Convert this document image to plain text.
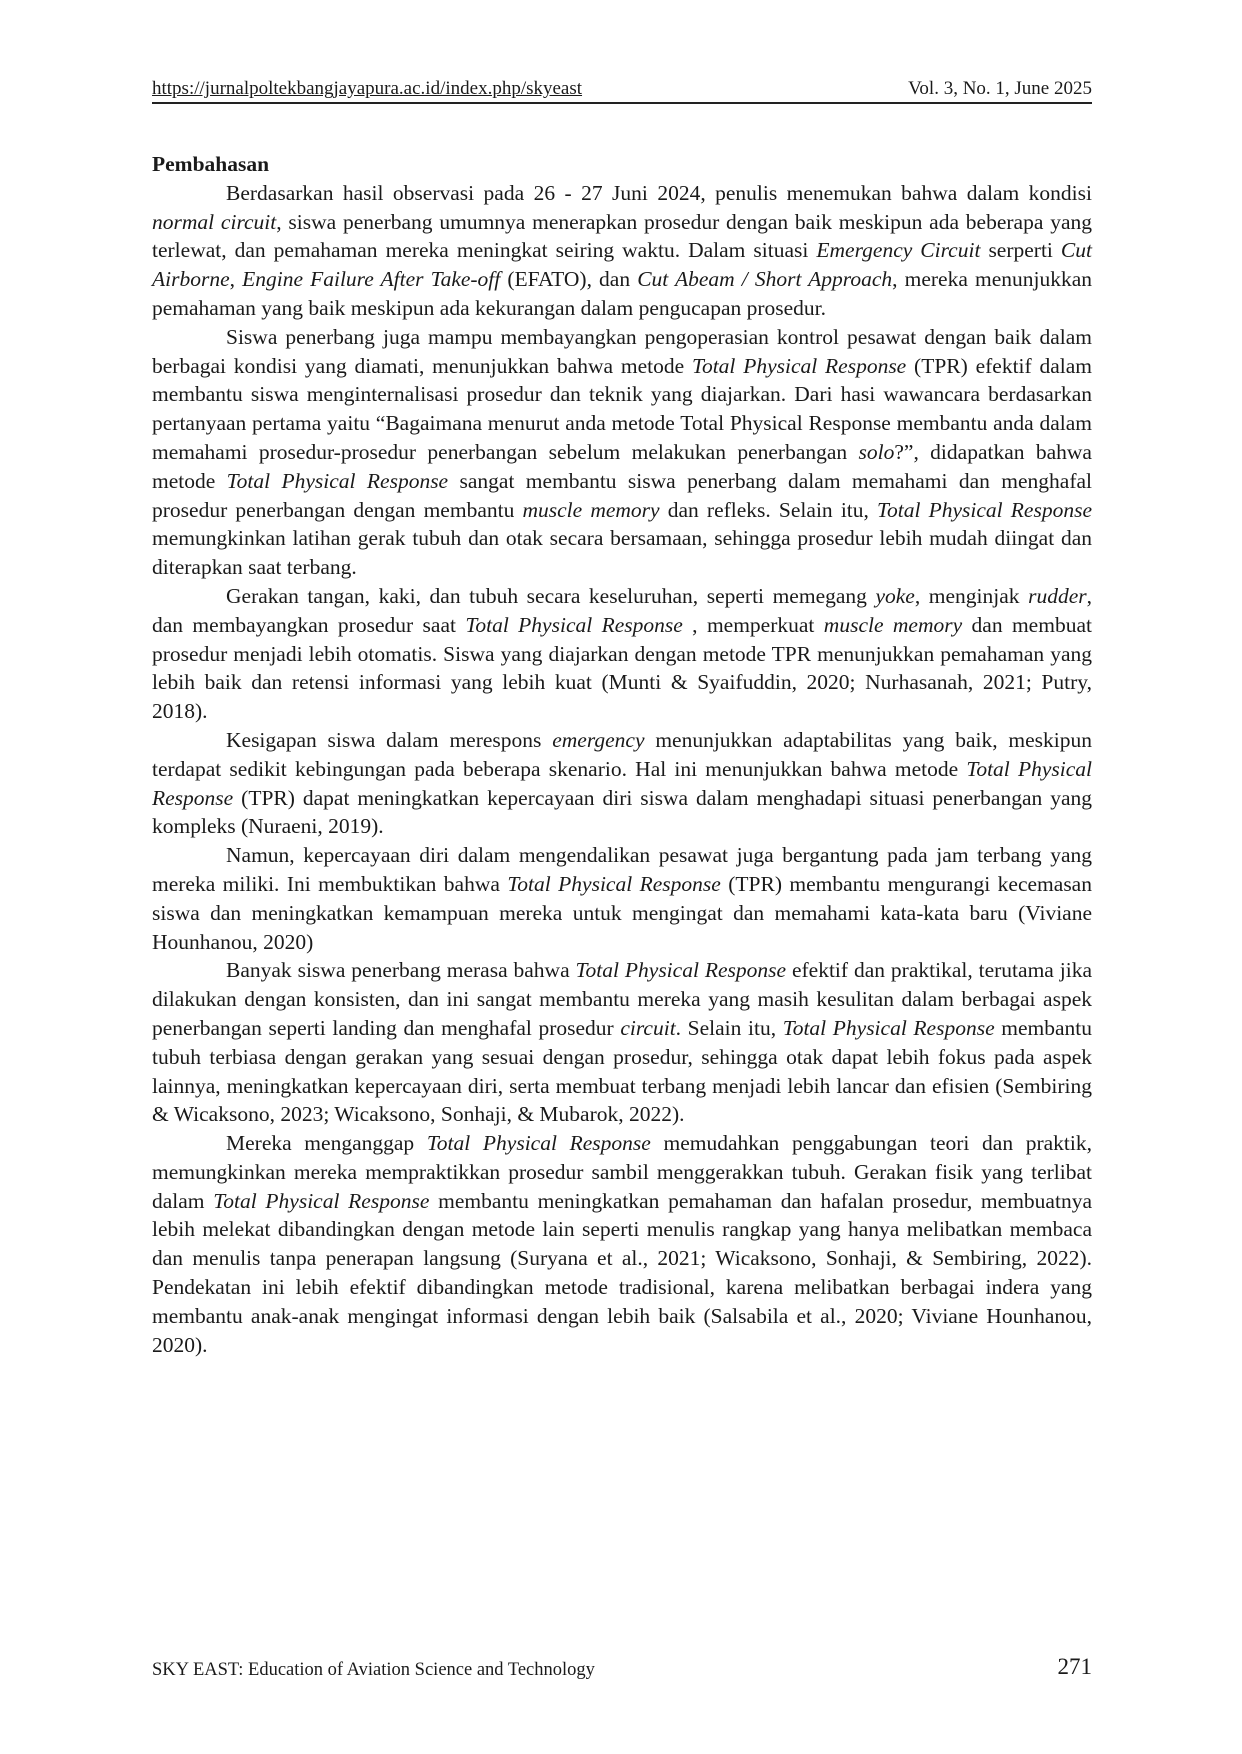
https://jurnalpoltekbangjayapura.ac.id/index.php/skyeast	Vol. 3, No. 1, June 2025
Pembahasan

Berdasarkan hasil observasi pada 26 - 27 Juni 2024, penulis menemukan bahwa dalam kondisi normal circuit, siswa penerbang umumnya menerapkan prosedur dengan baik meskipun ada beberapa yang terlewat, dan pemahaman mereka meningkat seiring waktu. Dalam situasi Emergency Circuit serperti Cut Airborne, Engine Failure After Take-off (EFATO), dan Cut Abeam / Short Approach, mereka menunjukkan pemahaman yang baik meskipun ada kekurangan dalam pengucapan prosedur.

Siswa penerbang juga mampu membayangkan pengoperasian kontrol pesawat dengan baik dalam berbagai kondisi yang diamati, menunjukkan bahwa metode Total Physical Response (TPR) efektif dalam membantu siswa menginternalisasi prosedur dan teknik yang diajarkan. Dari hasi wawancara berdasarkan pertanyaan pertama yaitu “Bagaimana menurut anda metode Total Physical Response membantu anda dalam memahami prosedur-prosedur penerbangan sebelum melakukan penerbangan solo?”, didapatkan bahwa metode Total Physical Response sangat membantu siswa penerbang dalam memahami dan menghafal prosedur penerbangan dengan membantu muscle memory dan refleks. Selain itu, Total Physical Response memungkinkan latihan gerak tubuh dan otak secara bersamaan, sehingga prosedur lebih mudah diingat dan diterapkan saat terbang.

Gerakan tangan, kaki, dan tubuh secara keseluruhan, seperti memegang yoke, menginjak rudder, dan membayangkan prosedur saat Total Physical Response , memperkuat muscle memory dan membuat prosedur menjadi lebih otomatis. Siswa yang diajarkan dengan metode TPR menunjukkan pemahaman yang lebih baik dan retensi informasi yang lebih kuat (Munti & Syaifuddin, 2020; Nurhasanah, 2021; Putry, 2018).

Kesigapan siswa dalam merespons emergency menunjukkan adaptabilitas yang baik, meskipun terdapat sedikit kebingungan pada beberapa skenario. Hal ini menunjukkan bahwa metode Total Physical Response (TPR) dapat meningkatkan kepercayaan diri siswa dalam menghadapi situasi penerbangan yang kompleks (Nuraeni, 2019).

Namun, kepercayaan diri dalam mengendalikan pesawat juga bergantung pada jam terbang yang mereka miliki. Ini membuktikan bahwa Total Physical Response (TPR) membantu mengurangi kecemasan siswa dan meningkatkan kemampuan mereka untuk mengingat dan memahami kata-kata baru (Viviane Hounhanou, 2020)

Banyak siswa penerbang merasa bahwa Total Physical Response efektif dan praktikal, terutama jika dilakukan dengan konsisten, dan ini sangat membantu mereka yang masih kesulitan dalam berbagai aspek penerbangan seperti landing dan menghafal prosedur circuit. Selain itu, Total Physical Response membantu tubuh terbiasa dengan gerakan yang sesuai dengan prosedur, sehingga otak dapat lebih fokus pada aspek lainnya, meningkatkan kepercayaan diri, serta membuat terbang menjadi lebih lancar dan efisien (Sembiring & Wicaksono, 2023; Wicaksono, Sonhaji, & Mubarok, 2022).

Mereka menganggap Total Physical Response memudahkan penggabungan teori dan praktik, memungkinkan mereka mempraktikkan prosedur sambil menggerakkan tubuh. Gerakan fisik yang terlibat dalam Total Physical Response membantu meningkatkan pemahaman dan hafalan prosedur, membuatnya lebih melekat dibandingkan dengan metode lain seperti menulis rangkap yang hanya melibatkan membaca dan menulis tanpa penerapan langsung (Suryana et al., 2021; Wicaksono, Sonhaji, & Sembiring, 2022). Pendekatan ini lebih efektif dibandingkan metode tradisional, karena melibatkan berbagai indera yang membantu anak-anak mengingat informasi dengan lebih baik (Salsabila et al., 2020; Viviane Hounhanou, 2020).

SKY EAST: Education of Aviation Science and Technology	271
